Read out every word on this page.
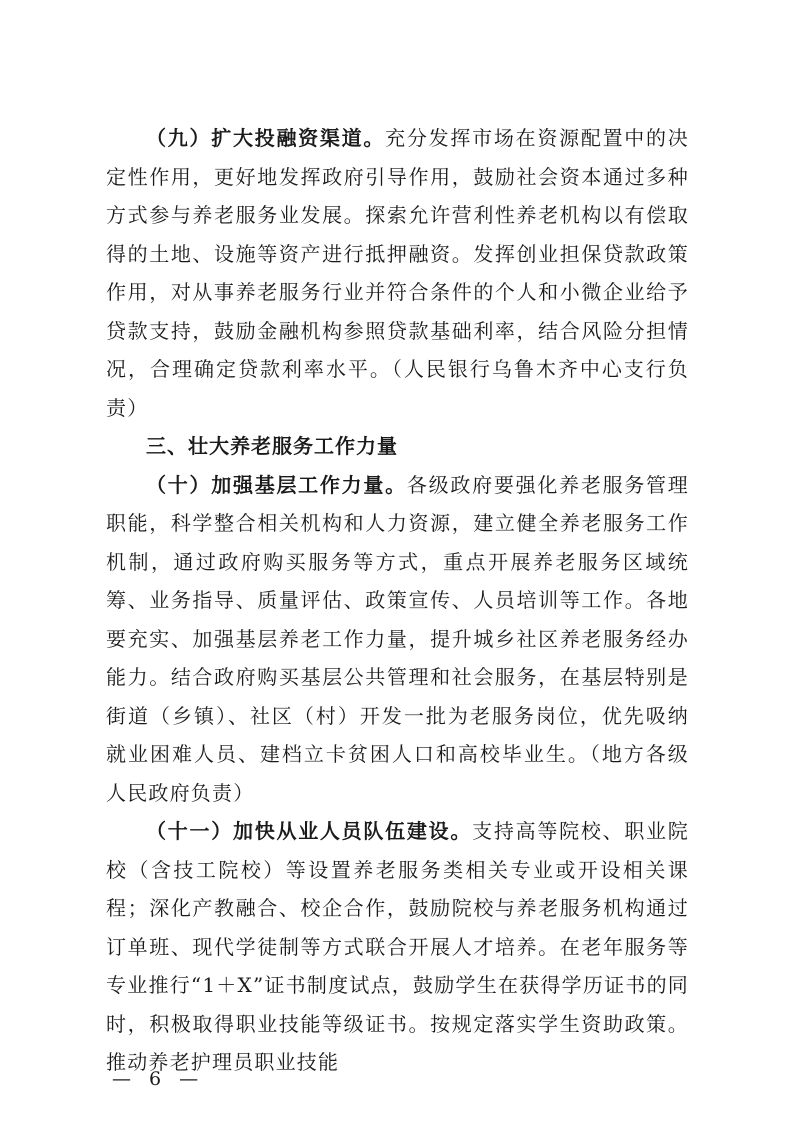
（九）扩大投融资渠道。充分发挥市场在资源配置中的决定性作用，更好地发挥政府引导作用，鼓励社会资本通过多种方式参与养老服务业发展。探索允许营利性养老机构以有偿取得的土地、设施等资产进行抵押融资。发挥创业担保贷款政策作用，对从事养老服务行业并符合条件的个人和小微企业给予贷款支持，鼓励金融机构参照贷款基础利率，结合风险分担情况，合理确定贷款利率水平。（人民银行乌鲁木齐中心支行负责）

三、壮大养老服务工作力量

（十）加强基层工作力量。各级政府要强化养老服务管理职能，科学整合相关机构和人力资源，建立健全养老服务工作机制，通过政府购买服务等方式，重点开展养老服务区域统筹、业务指导、质量评估、政策宣传、人员培训等工作。各地要充实、加强基层养老工作力量，提升城乡社区养老服务经办能力。结合政府购买基层公共管理和社会服务，在基层特别是街道（乡镇）、社区（村）开发一批为老服务岗位，优先吸纳就业困难人员、建档立卡贫困人口和高校毕业生。（地方各级人民政府负责）

（十一）加快从业人员队伍建设。支持高等院校、职业院校（含技工院校）等设置养老服务类相关专业或开设相关课程；深化产教融合、校企合作，鼓励院校与养老服务机构通过订单班、现代学徒制等方式联合开展人才培养。在老年服务等专业推行“1＋X”证书制度试点，鼓励学生在获得学历证书的同时，积极取得职业技能等级证书。按规定落实学生资助政策。推动养老护理员职业技能

— 6 —
